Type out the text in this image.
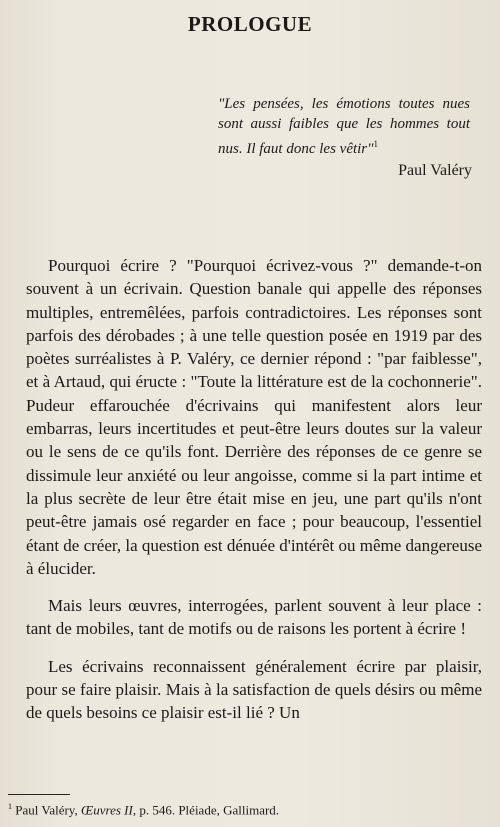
PROLOGUE
"Les pensées, les émotions toutes nues sont aussi faibles que les hommes tout nus. Il faut donc les vêtir"$^1$
Paul Valéry

Pourquoi écrire ? "Pourquoi écrivez-vous ?" demande-t-on souvent à un écrivain. Question banale qui appelle des réponses multiples, entremêlées, parfois contradictoires. Les réponses sont parfois des dérobades ; à une telle question posée en 1919 par des poètes surréalistes à P. Valéry, ce dernier répond : "par faiblesse", et à Artaud, qui éructe : "Toute la littérature est de la cochonnerie". Pudeur effarouchée d'écrivains qui manifestent alors leur embarras, leurs incertitudes et peut-être leurs doutes sur la valeur ou le sens de ce qu'ils font. Derrière des réponses de ce genre se dissimule leur anxiété ou leur angoisse, comme si la part intime et la plus secrète de leur être était mise en jeu, une part qu'ils n'ont peut-être jamais osé regarder en face ; pour beaucoup, l'essentiel étant de créer, la question est dénuée d'intérêt ou même dangereuse à élucider.

Mais leurs œuvres, interrogées, parlent souvent à leur place : tant de mobiles, tant de motifs ou de raisons les portent à écrire !

Les écrivains reconnaissent généralement écrire par plaisir, pour se faire plaisir. Mais à la satisfaction de quels désirs ou même de quels besoins ce plaisir est-il lié ? Un

$^1$ Paul Valéry, Œuvres II, p. 546. Pléiade, Gallimard.
